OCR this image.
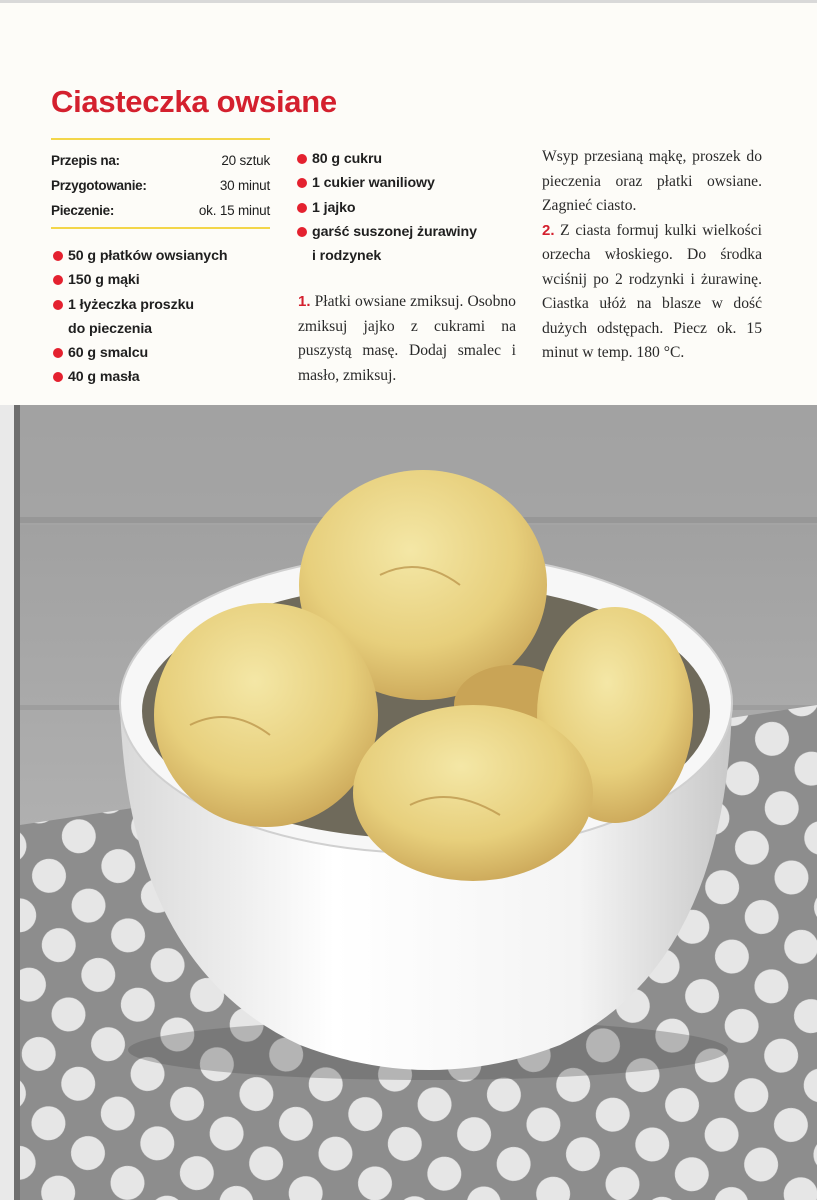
Ciasteczka owsiane
Przepis na:	20 sztuk
Przygotowanie:	30 minut
Pieczenie:	ok. 15 minut
50 g płatków owsianych
150 g mąki
1 łyżeczka proszku
do pieczenia
60 g smalcu
40 g masła
80 g cukru
1 cukier waniliowy
1 jajko
garść suszonej żurawiny
i rodzynek

1. Płatki owsiane zmiksuj. Osobno zmiksuj jajko z cukrami na puszystą masę. Dodaj smalec i masło, zmiksuj.

Wsyp przesianą mąkę, proszek do pieczenia oraz płatki owsiane. Zagnieć ciasto.
2. Z ciasta formuj kulki wielkości orzecha włoskiego. Do środka wciśnij po 2 rodzynki i żurawinę. Ciastka ułóż na blasze w dość dużych odstępach. Piecz ok. 15 minut w temp. 180 °C.
